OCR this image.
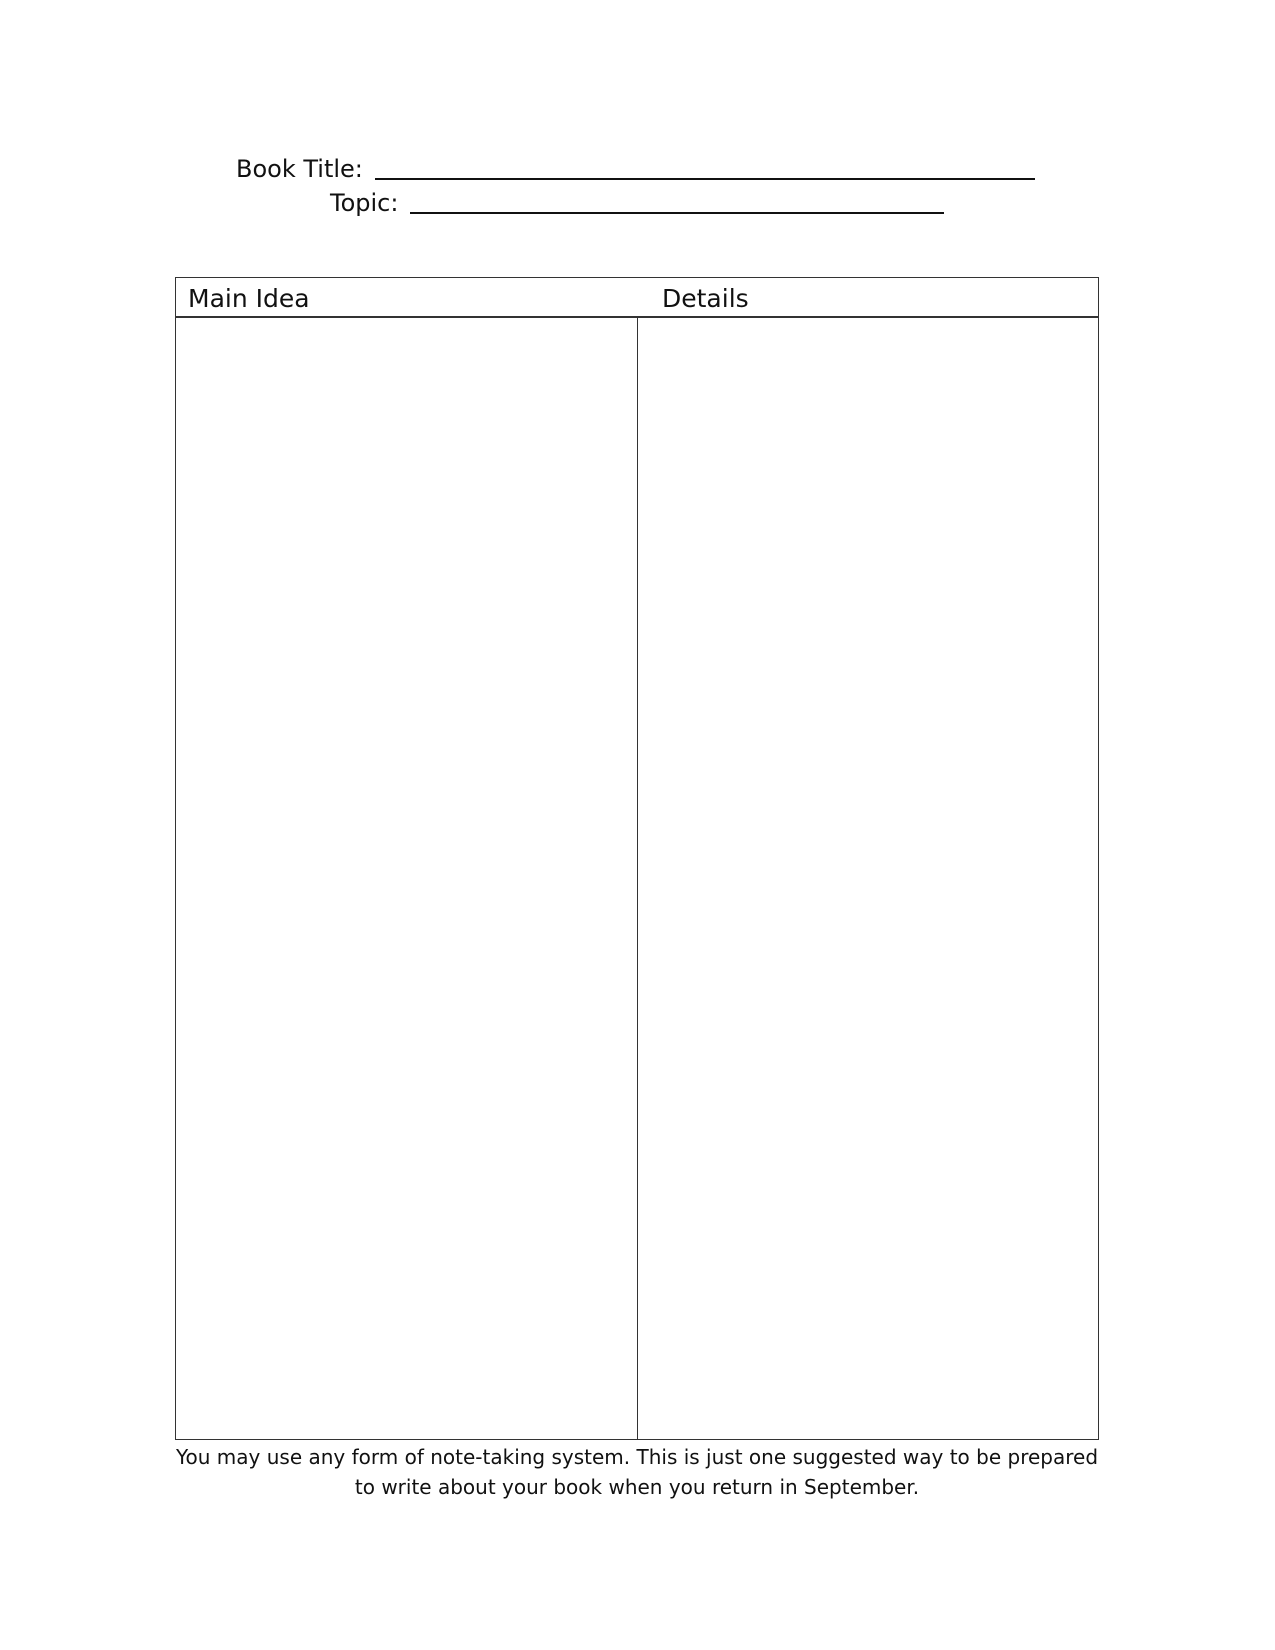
Book Title:
Topic:
Main Idea	Details
You may use any form of note-taking system. This is just one suggested way to be prepared
to write about your book when you return in September.
